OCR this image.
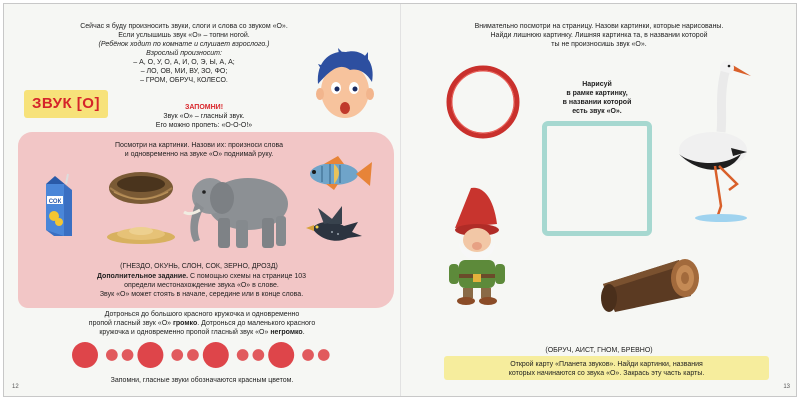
Сейчас я буду произносить звуки, слоги и слова со звуком «О».
Если услышишь звук «О» – топни ногой.
(Ребёнок ходит по комнате и слушает взрослого.)
Взрослый произносит:
– А, О, У, О, А, И, О, Э, Ы, А, А;
– ЛО, ОВ, МИ, ВУ, ЗО, ФО;
– ГРОМ, ОБРУЧ, КОЛЕСО.
ЗВУК [О]	ЗАПОМНИ!
Звук «О» – гласный звук.
Его можно пропеть: «О-О-О!»
Посмотри на картинки. Назови их: произноси слова
и одновременно на звуке «О» поднимай руку.
СОК
(ГНЕЗДО, ОКУНЬ, СЛОН, СОК, ЗЕРНО, ДРОЗД)
Дополнительное задание. С помощью схемы на странице 103
определи местонахождение звука «О» в слове.
Звук «О» может стоять в начале, середине или в конце слова.
Дотронься до большого красного кружочка и одновременно
пропой гласный звук «О» громко. Дотронься до маленького красного
кружочка и одновременно пропой гласный звук «О» негромко.
Запомни, гласные звуки обозначаются красным цветом.
12
Внимательно посмотри на страницу. Назови картинки, которые нарисованы.
Найди лишнюю картинку. Лишняя картинка та, в названии которой
ты не произносишь звук «О».
Нарисуй
в рамке картинку,
в названии которой
есть звук «О».
(ОБРУЧ, АИСТ, ГНОМ, БРЕВНО)
Открой карту «Планета звуков». Найди картинки, названия
которых начинаются со звука «О». Закрась эту часть карты.
13
